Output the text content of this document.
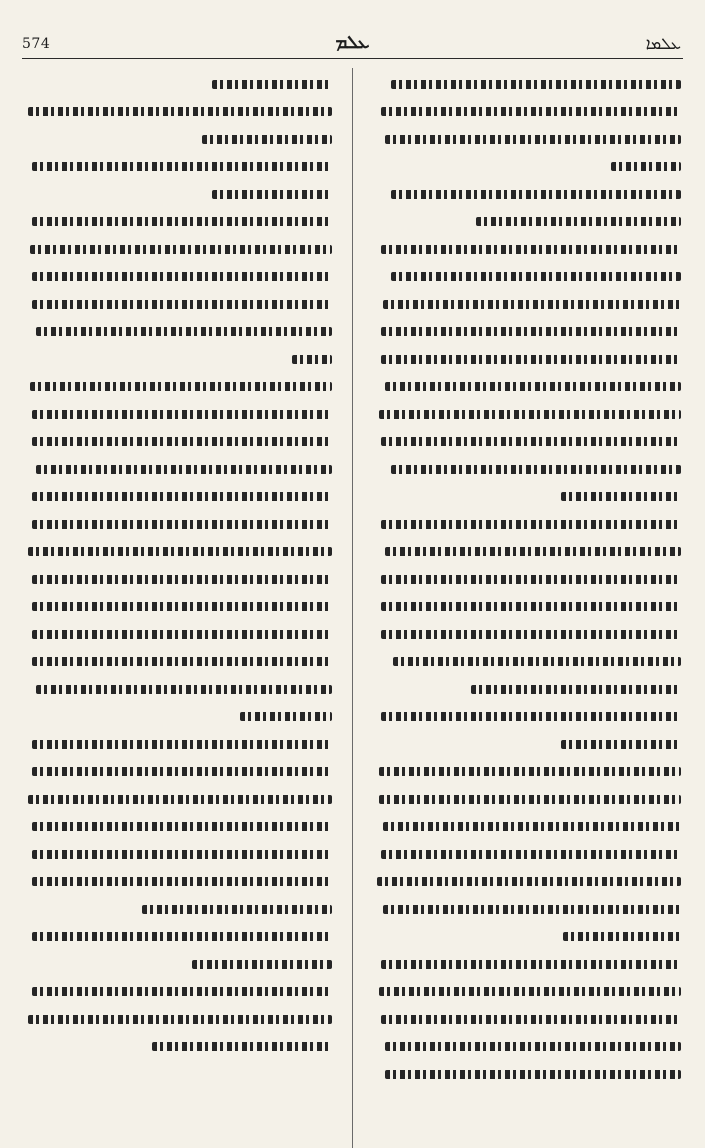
574	ܥܠܡ	ܥܠܡܐ
